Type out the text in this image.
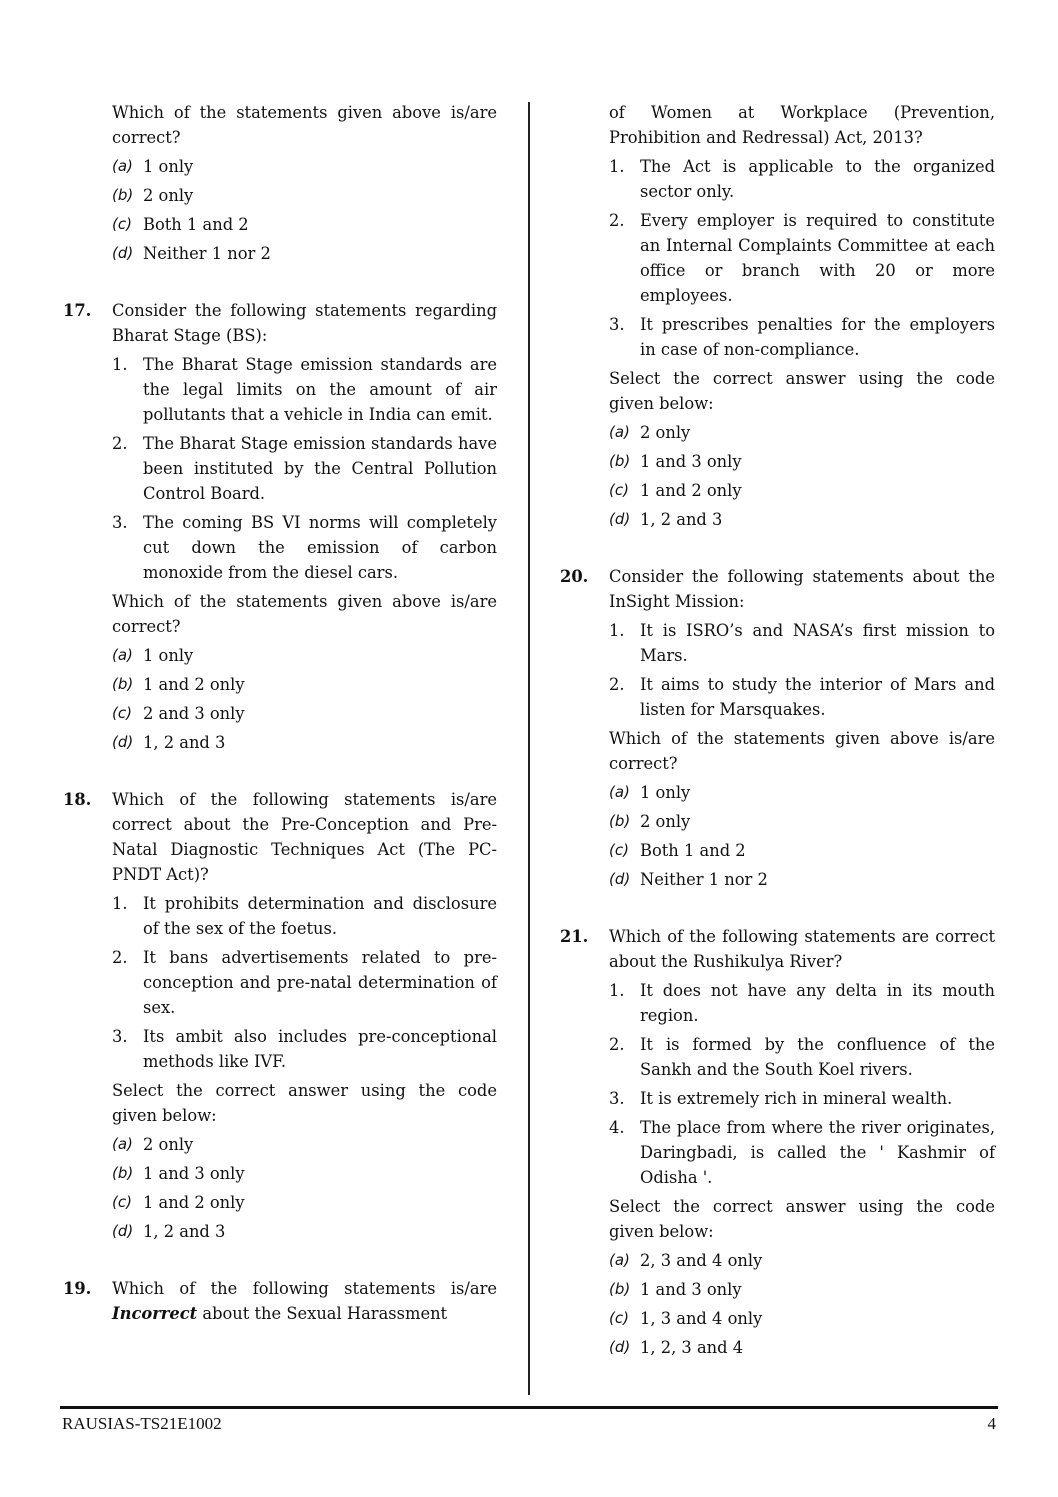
Which of the statements given above is/are correct?
(a) 1 only
(b) 2 only
(c) Both 1 and 2
(d) Neither 1 nor 2
17. Consider the following statements regarding Bharat Stage (BS):
1. The Bharat Stage emission standards are the legal limits on the amount of air pollutants that a vehicle in India can emit.
2. The Bharat Stage emission standards have been instituted by the Central Pollution Control Board.
3. The coming BS VI norms will completely cut down the emission of carbon monoxide from the diesel cars.
Which of the statements given above is/are correct?
(a) 1 only
(b) 1 and 2 only
(c) 2 and 3 only
(d) 1, 2 and 3
18. Which of the following statements is/are correct about the Pre-Conception and Pre-Natal Diagnostic Techniques Act (The PC-PNDT Act)?
1. It prohibits determination and disclosure of the sex of the foetus.
2. It bans advertisements related to pre-conception and pre-natal determination of sex.
3. Its ambit also includes pre-conceptional methods like IVF.
Select the correct answer using the code given below:
(a) 2 only
(b) 1 and 3 only
(c) 1 and 2 only
(d) 1, 2 and 3
19. Which of the following statements is/are Incorrect about the Sexual Harassment
of Women at Workplace (Prevention, Prohibition and Redressal) Act, 2013?
1. The Act is applicable to the organized sector only.
2. Every employer is required to constitute an Internal Complaints Committee at each office or branch with 20 or more employees.
3. It prescribes penalties for the employers in case of non-compliance.
Select the correct answer using the code given below:
(a) 2 only
(b) 1 and 3 only
(c) 1 and 2 only
(d) 1, 2 and 3
20. Consider the following statements about the InSight Mission:
1. It is ISRO’s and NASA’s first mission to Mars.
2. It aims to study the interior of Mars and listen for Marsquakes.
Which of the statements given above is/are correct?
(a) 1 only
(b) 2 only
(c) Both 1 and 2
(d) Neither 1 nor 2
21. Which of the following statements are correct about the Rushikulya River?
1. It does not have any delta in its mouth region.
2. It is formed by the confluence of the Sankh and the South Koel rivers.
3. It is extremely rich in mineral wealth.
4. The place from where the river originates, Daringbadi, is called the ' Kashmir of Odisha '.
Select the correct answer using the code given below:
(a) 2, 3 and 4 only
(b) 1 and 3 only
(c) 1, 3 and 4 only
(d) 1, 2, 3 and 4
RAUSIAS-TS21E1002	4
